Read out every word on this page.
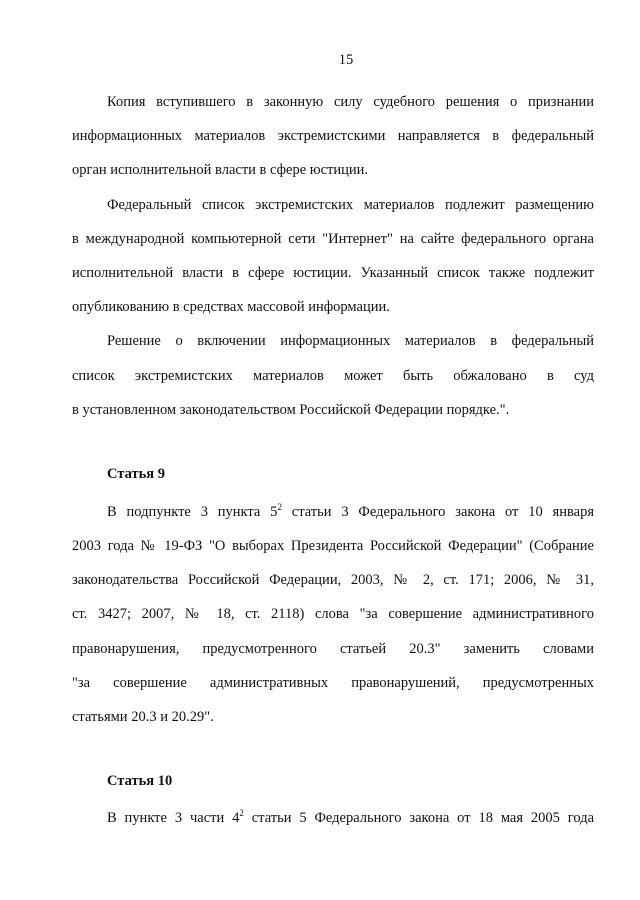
15
Копия вступившего в законную силу судебного решения о признании
информационных материалов экстремистскими направляется в федеральный
орган исполнительной власти в сфере юстиции.
Федеральный список экстремистских материалов подлежит размещению
в международной компьютерной сети "Интернет" на сайте федерального органа
исполнительной власти в сфере юстиции. Указанный список также подлежит
опубликованию в средствах массовой информации.
Решение о включении информационных материалов в федеральный
список экстремистских материалов может быть обжаловано в суд
в установленном законодательством Российской Федерации порядке.".
Статья 9
В подпункте 3 пункта $5^2$ статьи 3 Федерального закона от 10 января
2003 года № 19-ФЗ "О выборах Президента Российской Федерации" (Собрание
законодательства Российской Федерации, 2003, № 2, ст. 171; 2006, № 31,
ст. 3427; 2007, № 18, ст. 2118) слова "за совершение административного
правонарушения, предусмотренного статьей 20.3" заменить словами
"за совершение административных правонарушений, предусмотренных
статьями 20.3 и 20.29".
Статья 10
В пункте 3 части $4^2$ статьи 5 Федерального закона от 18 мая 2005 года
